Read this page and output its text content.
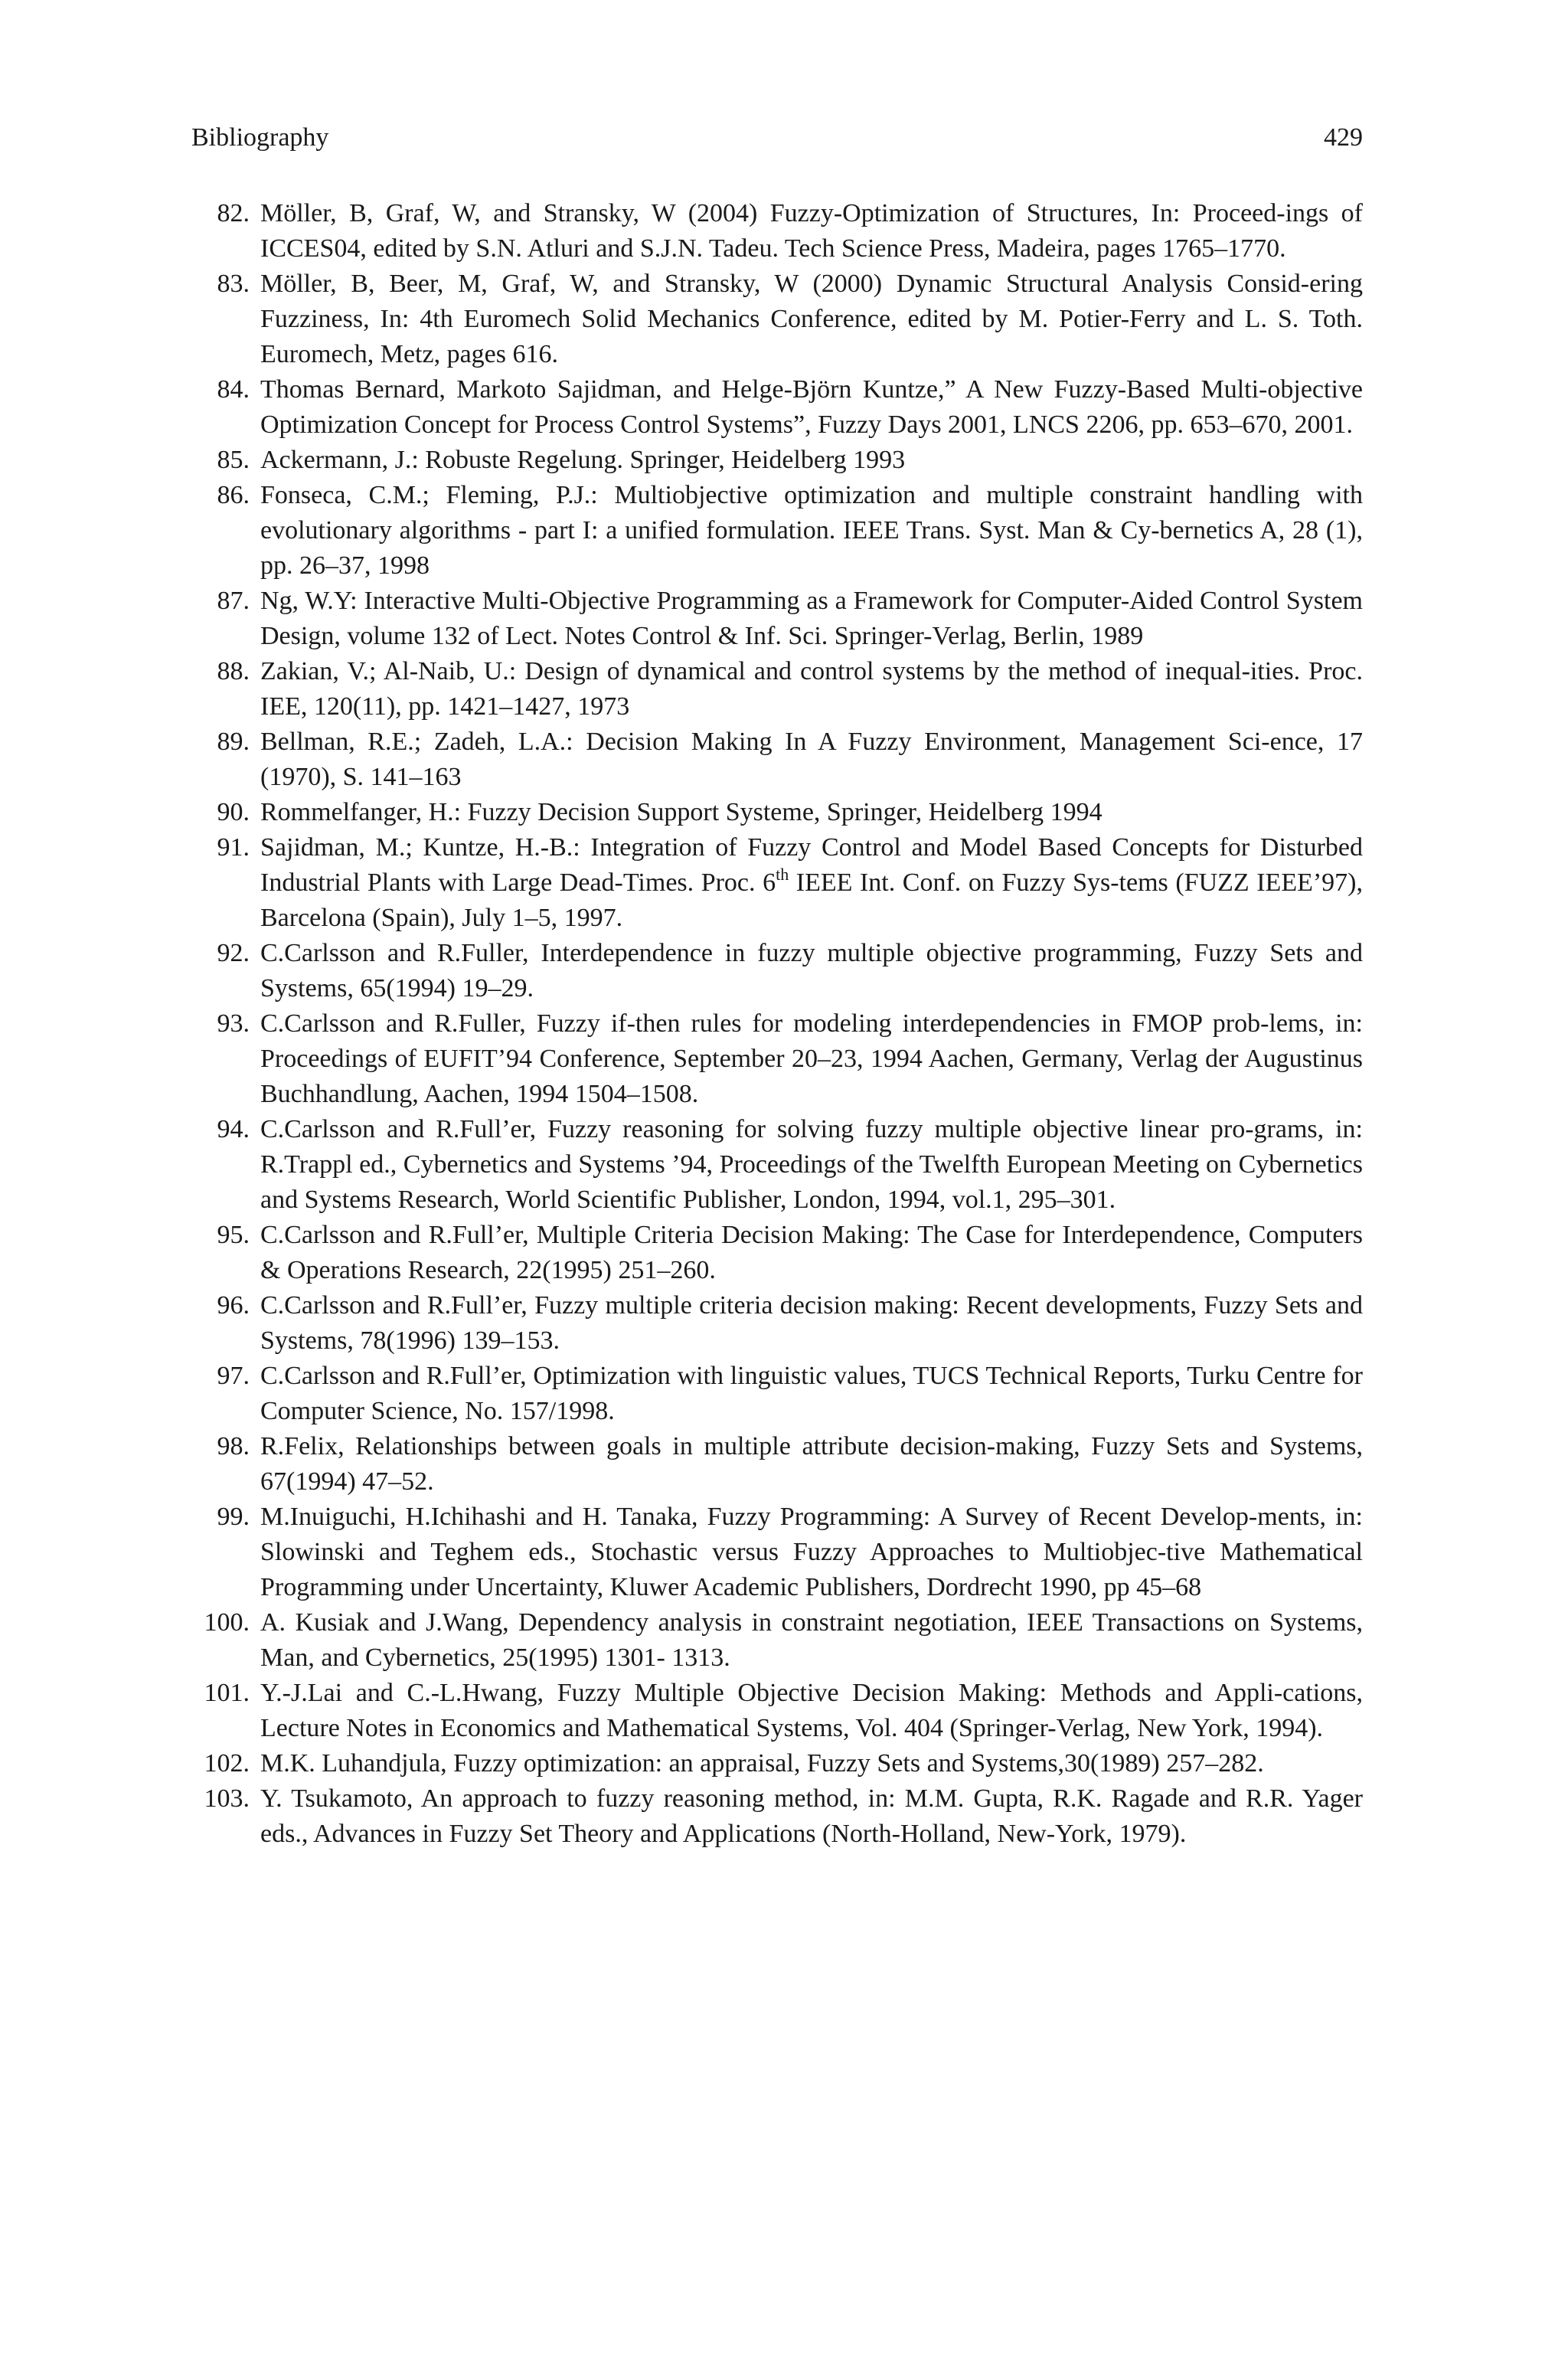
Bibliography	429
82. Möller, B, Graf, W, and Stransky, W (2004) Fuzzy-Optimization of Structures, In: Proceed-ings of ICCES04, edited by S.N. Atluri and S.J.N. Tadeu. Tech Science Press, Madeira, pages 1765–1770.
83. Möller, B, Beer, M, Graf, W, and Stransky, W (2000) Dynamic Structural Analysis Consid-ering Fuzziness, In: 4th Euromech Solid Mechanics Conference, edited by M. Potier-Ferry and L. S. Toth. Euromech, Metz, pages 616.
84. Thomas Bernard, Markoto Sajidman, and Helge-Björn Kuntze,” A New Fuzzy-Based Multi-objective Optimization Concept for Process Control Systems”, Fuzzy Days 2001, LNCS 2206, pp. 653–670, 2001.
85. Ackermann, J.: Robuste Regelung. Springer, Heidelberg 1993
86. Fonseca, C.M.; Fleming, P.J.: Multiobjective optimization and multiple constraint handling with evolutionary algorithms - part I: a unified formulation. IEEE Trans. Syst. Man & Cy-bernetics A, 28 (1), pp. 26–37, 1998
87. Ng, W.Y: Interactive Multi-Objective Programming as a Framework for Computer-Aided Control System Design, volume 132 of Lect. Notes Control & Inf. Sci. Springer-Verlag, Berlin, 1989
88. Zakian, V.; Al-Naib, U.: Design of dynamical and control systems by the method of inequal-ities. Proc. IEE, 120(11), pp. 1421–1427, 1973
89. Bellman, R.E.; Zadeh, L.A.: Decision Making In A Fuzzy Environment, Management Sci-ence, 17 (1970), S. 141–163
90. Rommelfanger, H.: Fuzzy Decision Support Systeme, Springer, Heidelberg 1994
91. Sajidman, M.; Kuntze, H.-B.: Integration of Fuzzy Control and Model Based Concepts for Disturbed Industrial Plants with Large Dead-Times. Proc. 6th IEEE Int. Conf. on Fuzzy Sys-tems (FUZZ IEEE’97), Barcelona (Spain), July 1–5, 1997.
92. C.Carlsson and R.Fuller, Interdependence in fuzzy multiple objective programming, Fuzzy Sets and Systems, 65(1994) 19–29.
93. C.Carlsson and R.Fuller, Fuzzy if-then rules for modeling interdependencies in FMOP prob-lems, in: Proceedings of EUFIT’94 Conference, September 20–23, 1994 Aachen, Germany, Verlag der Augustinus Buchhandlung, Aachen, 1994 1504–1508.
94. C.Carlsson and R.Full’er, Fuzzy reasoning for solving fuzzy multiple objective linear pro-grams, in: R.Trappl ed., Cybernetics and Systems ’94, Proceedings of the Twelfth European Meeting on Cybernetics and Systems Research, World Scientific Publisher, London, 1994, vol.1, 295–301.
95. C.Carlsson and R.Full’er, Multiple Criteria Decision Making: The Case for Interdependence, Computers & Operations Research, 22(1995) 251–260.
96. C.Carlsson and R.Full’er, Fuzzy multiple criteria decision making: Recent developments, Fuzzy Sets and Systems, 78(1996) 139–153.
97. C.Carlsson and R.Full’er, Optimization with linguistic values, TUCS Technical Reports, Turku Centre for Computer Science, No. 157/1998.
98. R.Felix, Relationships between goals in multiple attribute decision-making, Fuzzy Sets and Systems, 67(1994) 47–52.
99. M.Inuiguchi, H.Ichihashi and H. Tanaka, Fuzzy Programming: A Survey of Recent Develop-ments, in: Slowinski and Teghem eds., Stochastic versus Fuzzy Approaches to Multiobjec-tive Mathematical Programming under Uncertainty, Kluwer Academic Publishers, Dordrecht 1990, pp 45–68
100. A. Kusiak and J.Wang, Dependency analysis in constraint negotiation, IEEE Transactions on Systems, Man, and Cybernetics, 25(1995) 1301- 1313.
101. Y.-J.Lai and C.-L.Hwang, Fuzzy Multiple Objective Decision Making: Methods and Appli-cations, Lecture Notes in Economics and Mathematical Systems, Vol. 404 (Springer-Verlag, New York, 1994).
102. M.K. Luhandjula, Fuzzy optimization: an appraisal, Fuzzy Sets and Systems,30(1989) 257–282.
103. Y. Tsukamoto, An approach to fuzzy reasoning method, in: M.M. Gupta, R.K. Ragade and R.R. Yager eds., Advances in Fuzzy Set Theory and Applications (North-Holland, New-York, 1979).
